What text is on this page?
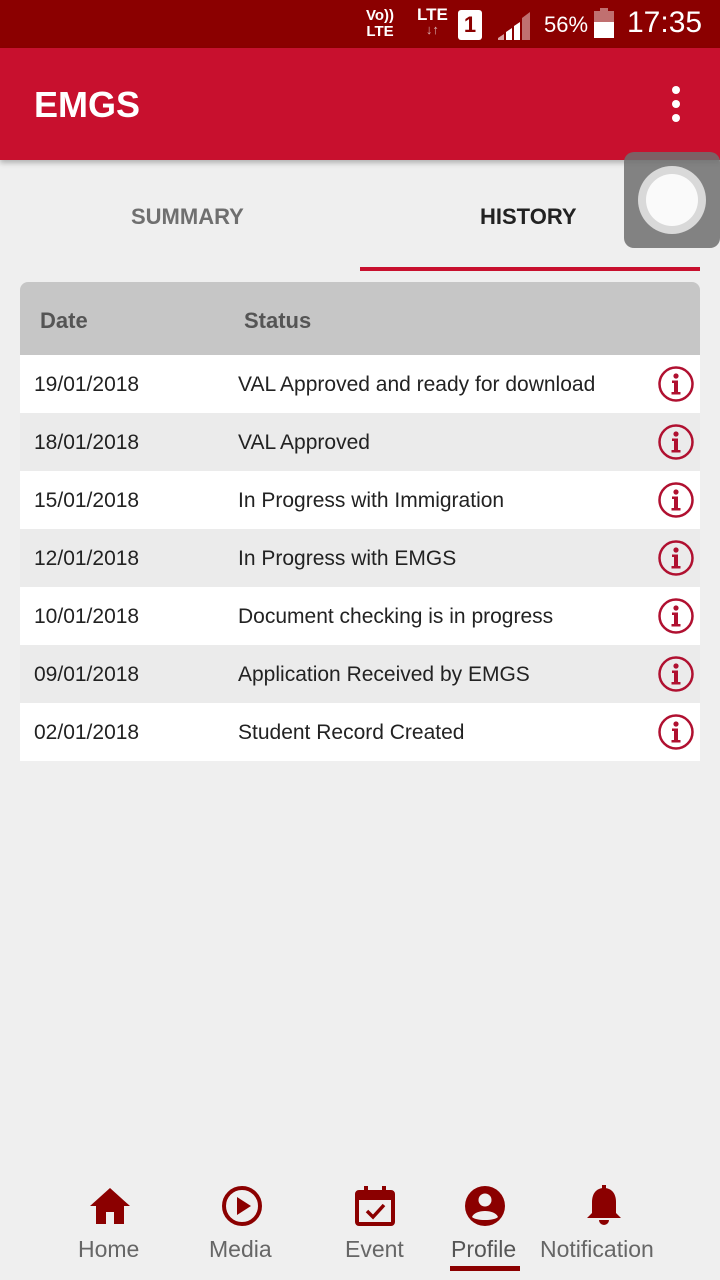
Vo))
LTE
LTE
↓↑	1	56% 17:35
EMGS
SUMMARY	HISTORY
Date	Status
19/01/2018	VAL Approved and ready for download
18/01/2018	VAL Approved
15/01/2018	In Progress with Immigration
12/01/2018	In Progress with EMGS
10/01/2018	Document checking is in progress
09/01/2018	Application Received by EMGS
02/01/2018	Student Record Created
Home	Media	Event Profile Notification
